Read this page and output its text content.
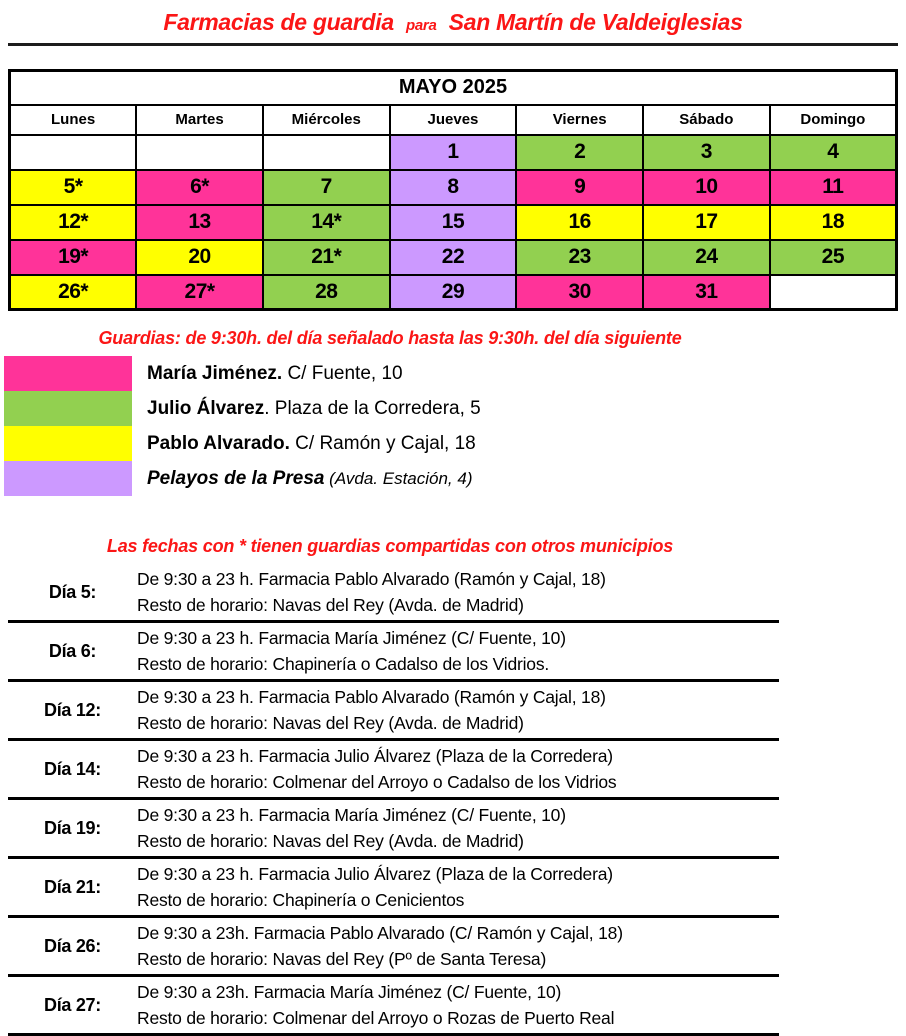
Farmacias de guardia para San Martín de Valdeiglesias
MAYO 2025						
Lunes	Martes	Miércoles	Jueves	Viernes	Sábado	Domingo
			1	2	3	4
5*	6*	7	8	9	10	11
12*	13	14*	15	16	17	18
19*	20	21*	22	23	24	25
26*	27*	28	29	30	31	
Guardias: de 9:30h. del día señalado hasta las 9:30h. del día siguiente
María Jiménez. C/ Fuente, 10
Julio Álvarez. Plaza de la Corredera, 5
Pablo Alvarado. C/ Ramón y Cajal, 18
Pelayos de la Presa (Avda. Estación, 4)
Las fechas con * tienen guardias compartidas con otros municipios
Día 5:
De 9:30 a 23 h. Farmacia Pablo Alvarado (Ramón y Cajal, 18)
Resto de horario: Navas del Rey (Avda. de Madrid)
Día 6:
De 9:30 a 23 h. Farmacia María Jiménez (C/ Fuente, 10)
Resto de horario: Chapinería o Cadalso de los Vidrios.
Día 12:
De 9:30 a 23 h. Farmacia Pablo Alvarado (Ramón y Cajal, 18)
Resto de horario: Navas del Rey (Avda. de Madrid)
Día 14:
De 9:30 a 23 h. Farmacia Julio Álvarez (Plaza de la Corredera)
Resto de horario: Colmenar del Arroyo o Cadalso de los Vidrios
Día 19:
De 9:30 a 23 h. Farmacia María Jiménez (C/ Fuente, 10)
Resto de horario: Navas del Rey (Avda. de Madrid)
Día 21:
De 9:30 a 23 h. Farmacia Julio Álvarez (Plaza de la Corredera)
Resto de horario: Chapinería o Cenicientos
Día 26:
De 9:30 a 23h. Farmacia Pablo Alvarado (C/ Ramón y Cajal, 18)
Resto de horario: Navas del Rey (Pº de Santa Teresa)
Día 27:
De 9:30 a 23h. Farmacia María Jiménez (C/ Fuente, 10)
Resto de horario: Colmenar del Arroyo o Rozas de Puerto Real
